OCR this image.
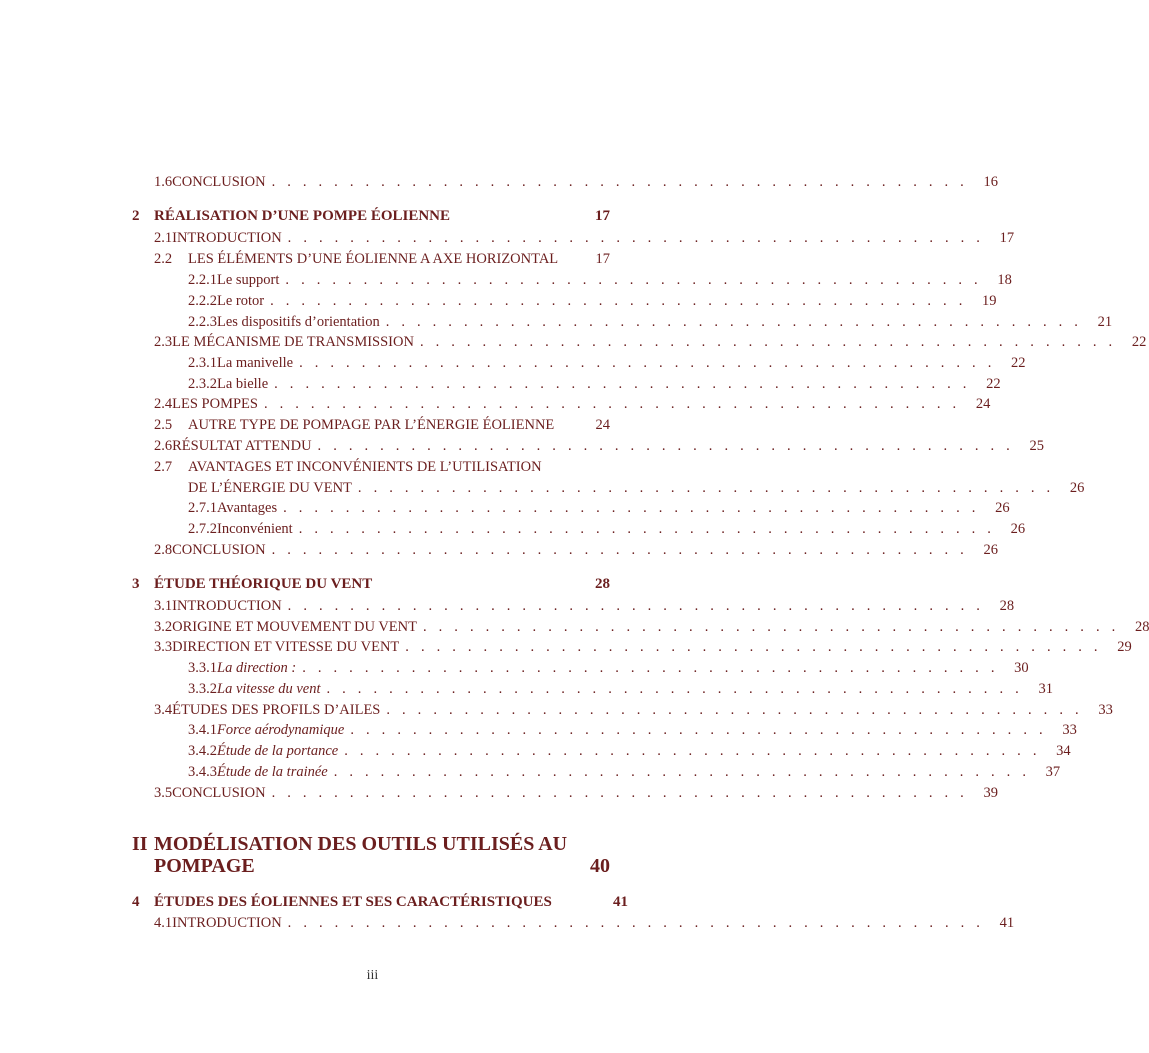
1.6 CONCLUSION . . . . . . . . . . . . . . . . . . . . . . . . . . . . . . . . . . . . . . . . . . . . .	16
2 RÉALISATION D’UNE POMPE ÉOLIENNE	17
2.1 INTRODUCTION . . . . . . . . . . . . . . . . . . . . . . . . . . . . . . . . . . . . . . . . . . . . .	17
2.2	LES ÉLÉMENTS D’UNE ÉOLIENNE A AXE HORIZONTAL	17
2.2.1 Le support . . . . . . . . . . . . . . . . . . . . . . . . . . . . . . . . . . . . . . . . . . . . .	18
2.2.2 Le rotor . . . . . . . . . . . . . . . . . . . . . . . . . . . . . . . . . . . . . . . . . . . . .	19
2.2.3 Les dispositifs d’orientation . . . . . . . . . . . . . . . . . . . . . . . . . . . . . . . . . . . . . . . . . . . . .	21
2.3 LE MÉCANISME DE TRANSMISSION . . . . . . . . . . . . . . . . . . . . . . . . . . . . . . . . . . . . . . . . . . . . .	22
2.3.1 La manivelle . . . . . . . . . . . . . . . . . . . . . . . . . . . . . . . . . . . . . . . . . . . . .	22
2.3.2 La bielle . . . . . . . . . . . . . . . . . . . . . . . . . . . . . . . . . . . . . . . . . . . . .	22
2.4 LES POMPES . . . . . . . . . . . . . . . . . . . . . . . . . . . . . . . . . . . . . . . . . . . . .	24
2.5	AUTRE TYPE DE POMPAGE PAR L’ÉNERGIE ÉOLIENNE	24
2.6 RÉSULTAT ATTENDU . . . . . . . . . . . . . . . . . . . . . . . . . . . . . . . . . . . . . . . . . . . . .	25
2.7	AVANTAGES ET INCONVÉNIENTS DE L’UTILISATION
DE L’ÉNERGIE DU VENT . . . . . . . . . . . . . . . . . . . . . . . . . . . . . . . . . . . . . . . . . . . . .	26
2.7.1 Avantages . . . . . . . . . . . . . . . . . . . . . . . . . . . . . . . . . . . . . . . . . . . . .	26
2.7.2 Inconvénient . . . . . . . . . . . . . . . . . . . . . . . . . . . . . . . . . . . . . . . . . . . . .	26
2.8 CONCLUSION . . . . . . . . . . . . . . . . . . . . . . . . . . . . . . . . . . . . . . . . . . . . .	26
3 ÉTUDE THÉORIQUE DU VENT	28
3.1 INTRODUCTION . . . . . . . . . . . . . . . . . . . . . . . . . . . . . . . . . . . . . . . . . . . . .	28
3.2 ORIGINE ET MOUVEMENT DU VENT . . . . . . . . . . . . . . . . . . . . . . . . . . . . . . . . . . . . . . . . . . . . .	28
3.3 DIRECTION ET VITESSE DU VENT . . . . . . . . . . . . . . . . . . . . . . . . . . . . . . . . . . . . . . . . . . . . .	29
3.3.1 La direction : . . . . . . . . . . . . . . . . . . . . . . . . . . . . . . . . . . . . . . . . . . . . .	30
3.3.2 La vitesse du vent . . . . . . . . . . . . . . . . . . . . . . . . . . . . . . . . . . . . . . . . . . . . .	31
3.4 ÉTUDES DES PROFILS D’AILES . . . . . . . . . . . . . . . . . . . . . . . . . . . . . . . . . . . . . . . . . . . . .	33
3.4.1 Force aérodynamique . . . . . . . . . . . . . . . . . . . . . . . . . . . . . . . . . . . . . . . . . . . . .	33
3.4.2 Étude de la portance . . . . . . . . . . . . . . . . . . . . . . . . . . . . . . . . . . . . . . . . . . . . .	34
3.4.3 Étude de la trainée . . . . . . . . . . . . . . . . . . . . . . . . . . . . . . . . . . . . . . . . . . . . .	37
3.5 CONCLUSION . . . . . . . . . . . . . . . . . . . . . . . . . . . . . . . . . . . . . . . . . . . . .	39
II MODÉLISATION DES OUTILS UTILISÉS AU
POMPAGE	40
4 ÉTUDES DES ÉOLIENNES ET SES CARACTÉRISTIQUES	41
4.1 INTRODUCTION . . . . . . . . . . . . . . . . . . . . . . . . . . . . . . . . . . . . . . . . . . . . .	41
iii
